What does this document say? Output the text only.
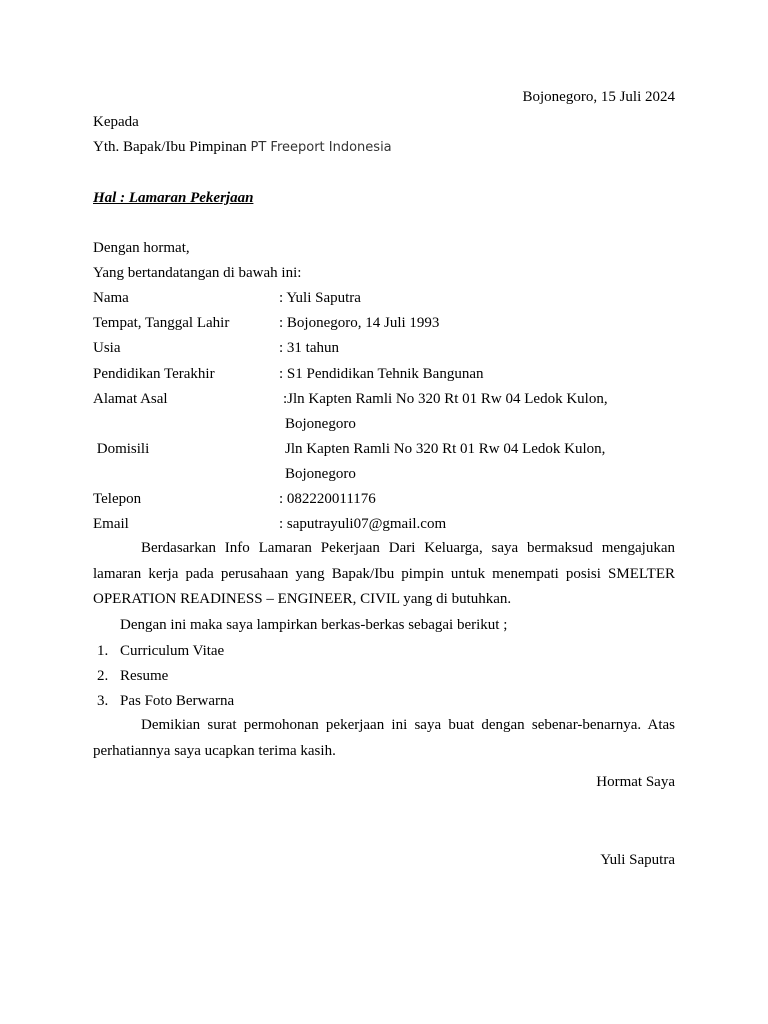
Bojonegoro, 15 Juli 2024
Kepada
Yth. Bapak/Ibu Pimpinan PT Freeport Indonesia
Hal : Lamaran Pekerjaan
Dengan hormat,
Yang bertandatangan di bawah ini:
Nama	: Yuli Saputra
Tempat, Tanggal Lahir	: Bojonegoro, 14 Juli 1993
Usia	: 31 tahun
Pendidikan Terakhir	: S1 Pendidikan Tehnik Bangunan
Alamat Asal	:Jln Kapten Ramli No 320 Rt 01 Rw 04 Ledok Kulon,
Bojonegoro
Domisili	Jln Kapten Ramli No 320 Rt 01 Rw 04 Ledok Kulon,
Bojonegoro
Telepon	: 082220011176
Email	: saputrayuli07@gmail.com
Berdasarkan Info Lamaran Pekerjaan Dari Keluarga, saya bermaksud mengajukan lamaran kerja pada perusahaan yang Bapak/Ibu pimpin untuk menempati posisi SMELTER OPERATION READINESS – ENGINEER, CIVIL yang di butuhkan.
Dengan ini maka saya lampirkan berkas-berkas sebagai berikut ;
1. Curriculum Vitae
2. Resume
3. Pas Foto Berwarna
Demikian surat permohonan pekerjaan ini saya buat dengan sebenar-benarnya. Atas perhatiannya saya ucapkan terima kasih.
Hormat Saya
Yuli Saputra
